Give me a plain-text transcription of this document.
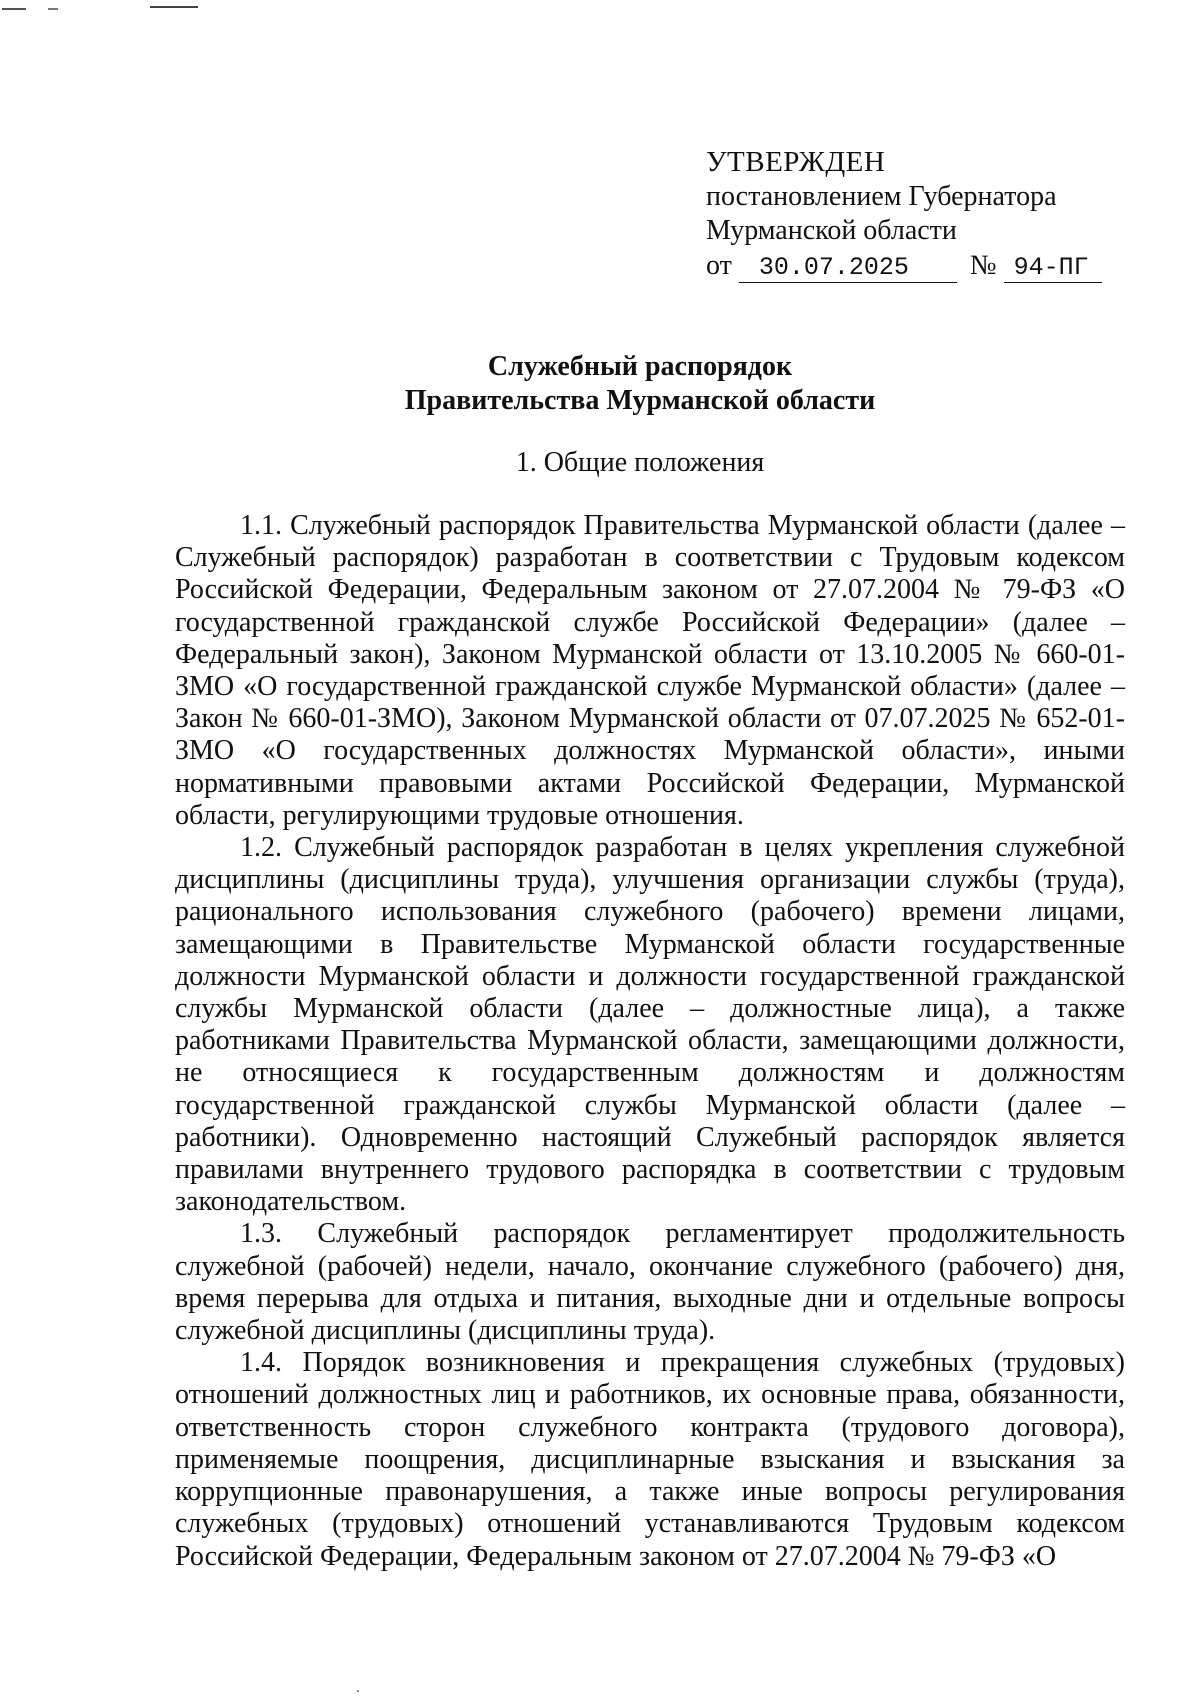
УТВЕРЖДЕН
постановлением Губернатора
Мурманской области
от 30.07.2025 № 94-ПГ
Служебный распорядок
Правительства Мурманской области
1. Общие положения

1.1. Служебный распорядок Правительства Мурманской области (далее – Служебный распорядок) разработан в соответствии с Трудовым кодексом Российской Федерации, Федеральным законом от 27.07.2004 № 79-ФЗ «О государственной гражданской службе Российской Федерации» (далее – Федеральный закон), Законом Мурманской области от 13.10.2005 № 660-01-ЗМО «О государственной гражданской службе Мурманской области» (далее – Закон № 660-01-ЗМО), Законом Мурманской области от 07.07.2025 № 652-01-ЗМО «О государственных должностях Мурманской области», иными нормативными правовыми актами Российской Федерации, Мурманской области, регулирующими трудовые отношения.

1.2. Служебный распорядок разработан в целях укрепления служебной дисциплины (дисциплины труда), улучшения организации службы (труда), рационального использования служебного (рабочего) времени лицами, замещающими в Правительстве Мурманской области государственные должности Мурманской области и должности государственной гражданской службы Мурманской области (далее – должностные лица), а также работниками Правительства Мурманской области, замещающими должности, не относящиеся к государственным должностям и должностям государственной гражданской службы Мурманской области (далее – работники). Одновременно настоящий Служебный распорядок является правилами внутреннего трудового распорядка в соответствии с трудовым законодательством.

1.3. Служебный распорядок регламентирует продолжительность служебной (рабочей) недели, начало, окончание служебного (рабочего) дня, время перерыва для отдыха и питания, выходные дни и отдельные вопросы служебной дисциплины (дисциплины труда).

1.4. Порядок возникновения и прекращения служебных (трудовых) отношений должностных лиц и работников, их основные права, обязанности, ответственность сторон служебного контракта (трудового договора), применяемые поощрения, дисциплинарные взыскания и взыскания за коррупционные правонарушения, а также иные вопросы регулирования служебных (трудовых) отношений устанавливаются Трудовым кодексом Российской Федерации, Федеральным законом от 27.07.2004 № 79-ФЗ «О
